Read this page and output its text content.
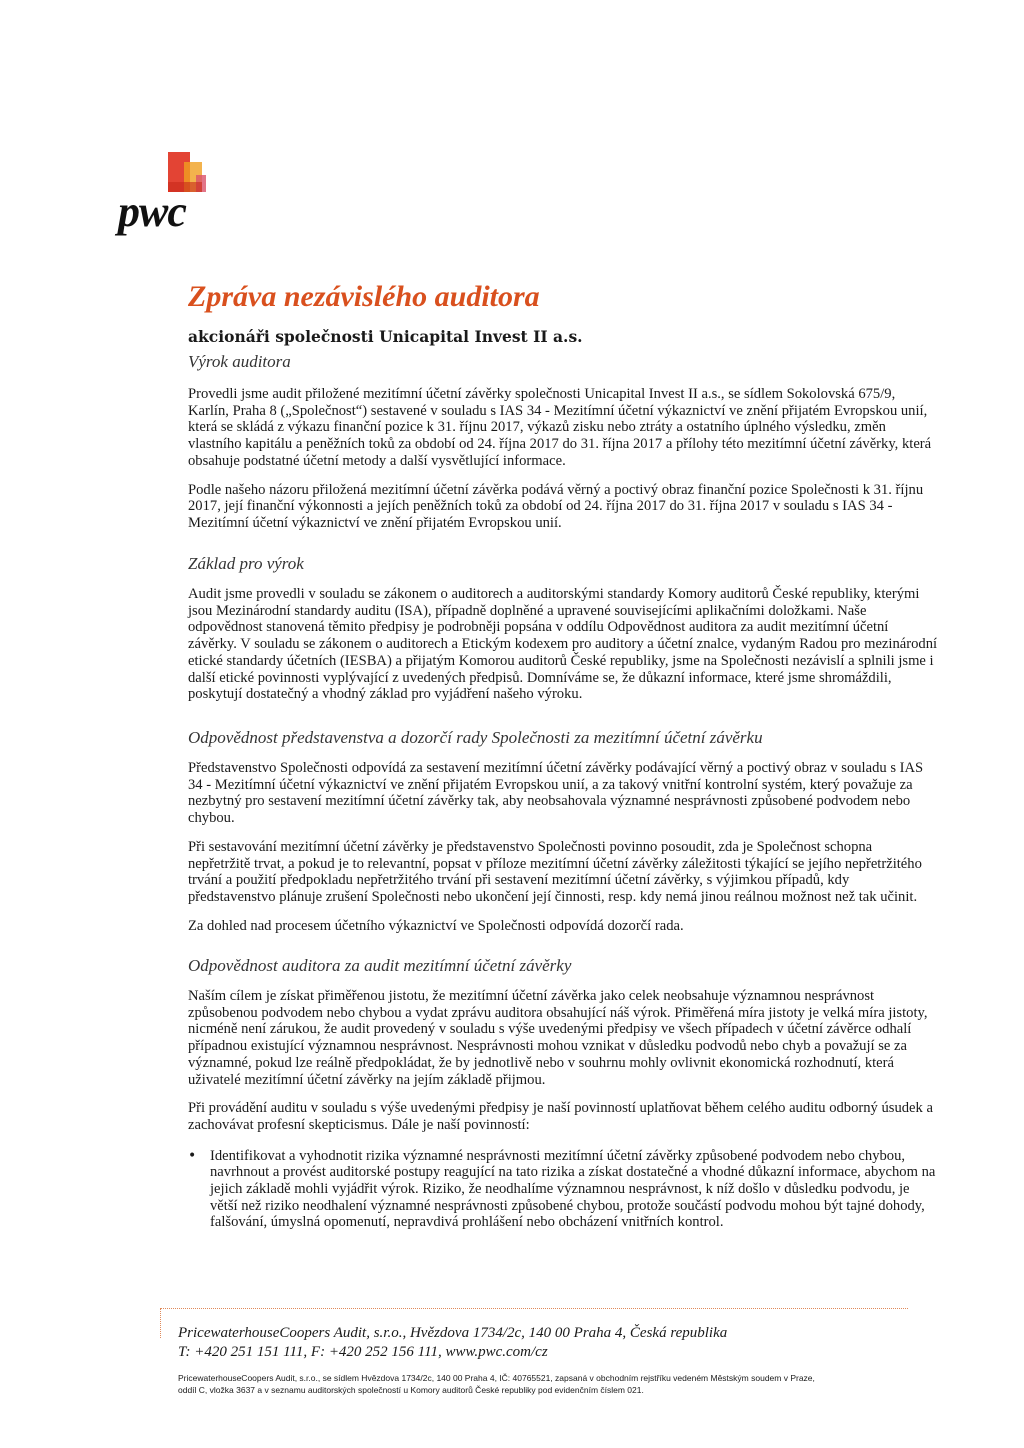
pwc
Zpráva nezávislého auditora
akcionáři společnosti Unicapital Invest II a.s.
Výrok auditora

Provedli jsme audit přiložené mezitímní účetní závěrky společnosti Unicapital Invest II a.s., se sídlem Sokolovská 675/9, Karlín, Praha 8 („Společnost“) sestavené v souladu s IAS 34 - Mezitímní účetní výkaznictví ve znění přijatém Evropskou unií, která se skládá z výkazu finanční pozice k 31. říjnu 2017, výkazů zisku nebo ztráty a ostatního úplného výsledku, změn vlastního kapitálu a peněžních toků za období od 24. října 2017 do 31. října 2017 a přílohy této mezitímní účetní závěrky, která obsahuje podstatné účetní metody a další vysvětlující informace.

Podle našeho názoru přiložená mezitímní účetní závěrka podává věrný a poctivý obraz finanční pozice Společnosti k 31. říjnu 2017, její finanční výkonnosti a jejích peněžních toků za období od 24. října 2017 do 31. října 2017 v souladu s IAS 34 - Mezitímní účetní výkaznictví ve znění přijatém Evropskou unií.

Základ pro výrok

Audit jsme provedli v souladu se zákonem o auditorech a auditorskými standardy Komory auditorů České republiky, kterými jsou Mezinárodní standardy auditu (ISA), případně doplněné a upravené souvisejícími aplikačními doložkami. Naše odpovědnost stanovená těmito předpisy je podrobněji popsána v oddílu Odpovědnost auditora za audit mezitímní účetní závěrky. V souladu se zákonem o auditorech a Etickým kodexem pro auditory a účetní znalce, vydaným Radou pro mezinárodní etické standardy účetních (IESBA) a přijatým Komorou auditorů České republiky, jsme na Společnosti nezávislí a splnili jsme i další etické povinnosti vyplývající z uvedených předpisů. Domníváme se, že důkazní informace, které jsme shromáždili, poskytují dostatečný a vhodný základ pro vyjádření našeho výroku.

Odpovědnost představenstva a dozorčí rady Společnosti za mezitímní účetní závěrku

Představenstvo Společnosti odpovídá za sestavení mezitímní účetní závěrky podávající věrný a poctivý obraz v souladu s IAS 34 - Mezitímní účetní výkaznictví ve znění přijatém Evropskou unií, a za takový vnitřní kontrolní systém, který považuje za nezbytný pro sestavení mezitímní účetní závěrky tak, aby neobsahovala významné nesprávnosti způsobené podvodem nebo chybou.

Při sestavování mezitímní účetní závěrky je představenstvo Společnosti povinno posoudit, zda je Společnost schopna nepřetržitě trvat, a pokud je to relevantní, popsat v příloze mezitímní účetní závěrky záležitosti týkající se jejího nepřetržitého trvání a použití předpokladu nepřetržitého trvání při sestavení mezitímní účetní závěrky, s výjimkou případů, kdy představenstvo plánuje zrušení Společnosti nebo ukončení její činnosti, resp. kdy nemá jinou reálnou možnost než tak učinit.

Za dohled nad procesem účetního výkaznictví ve Společnosti odpovídá dozorčí rada.

Odpovědnost auditora za audit mezitímní účetní závěrky

Naším cílem je získat přiměřenou jistotu, že mezitímní účetní závěrka jako celek neobsahuje významnou nesprávnost způsobenou podvodem nebo chybou a vydat zprávu auditora obsahující náš výrok. Přiměřená míra jistoty je velká míra jistoty, nicméně není zárukou, že audit provedený v souladu s výše uvedenými předpisy ve všech případech v účetní závěrce odhalí případnou existující významnou nesprávnost. Nesprávnosti mohou vznikat v důsledku podvodů nebo chyb a považují se za významné, pokud lze reálně předpokládat, že by jednotlivě nebo v souhrnu mohly ovlivnit ekonomická rozhodnutí, která uživatelé mezitímní účetní závěrky na jejím základě přijmou.

Při provádění auditu v souladu s výše uvedenými předpisy je naší povinností uplatňovat během celého auditu odborný úsudek a zachovávat profesní skepticismus. Dále je naší povinností:

• Identifikovat a vyhodnotit rizika významné nesprávnosti mezitímní účetní závěrky způsobené podvodem nebo chybou, navrhnout a provést auditorské postupy reagující na tato rizika a získat dostatečné a vhodné důkazní informace, abychom na jejich základě mohli vyjádřit výrok. Riziko, že neodhalíme významnou nesprávnost, k níž došlo v důsledku podvodu, je větší než riziko neodhalení významné nesprávnosti způsobené chybou, protože součástí podvodu mohou být tajné dohody, falšování, úmyslná opomenutí, nepravdivá prohlášení nebo obcházení vnitřních kontrol.

PricewaterhouseCoopers Audit, s.r.o., Hvězdova 1734/2c, 140 00 Praha 4, Česká republika
T: +420 251 151 111, F: +420 252 156 111, www.pwc.com/cz
PricewaterhouseCoopers Audit, s.r.o., se sídlem Hvězdova 1734/2c, 140 00 Praha 4, IČ: 40765521, zapsaná v obchodním rejstříku vedeném Městským soudem v Praze,
oddíl C, vložka 3637 a v seznamu auditorských společností u Komory auditorů České republiky pod evidenčním číslem 021.
